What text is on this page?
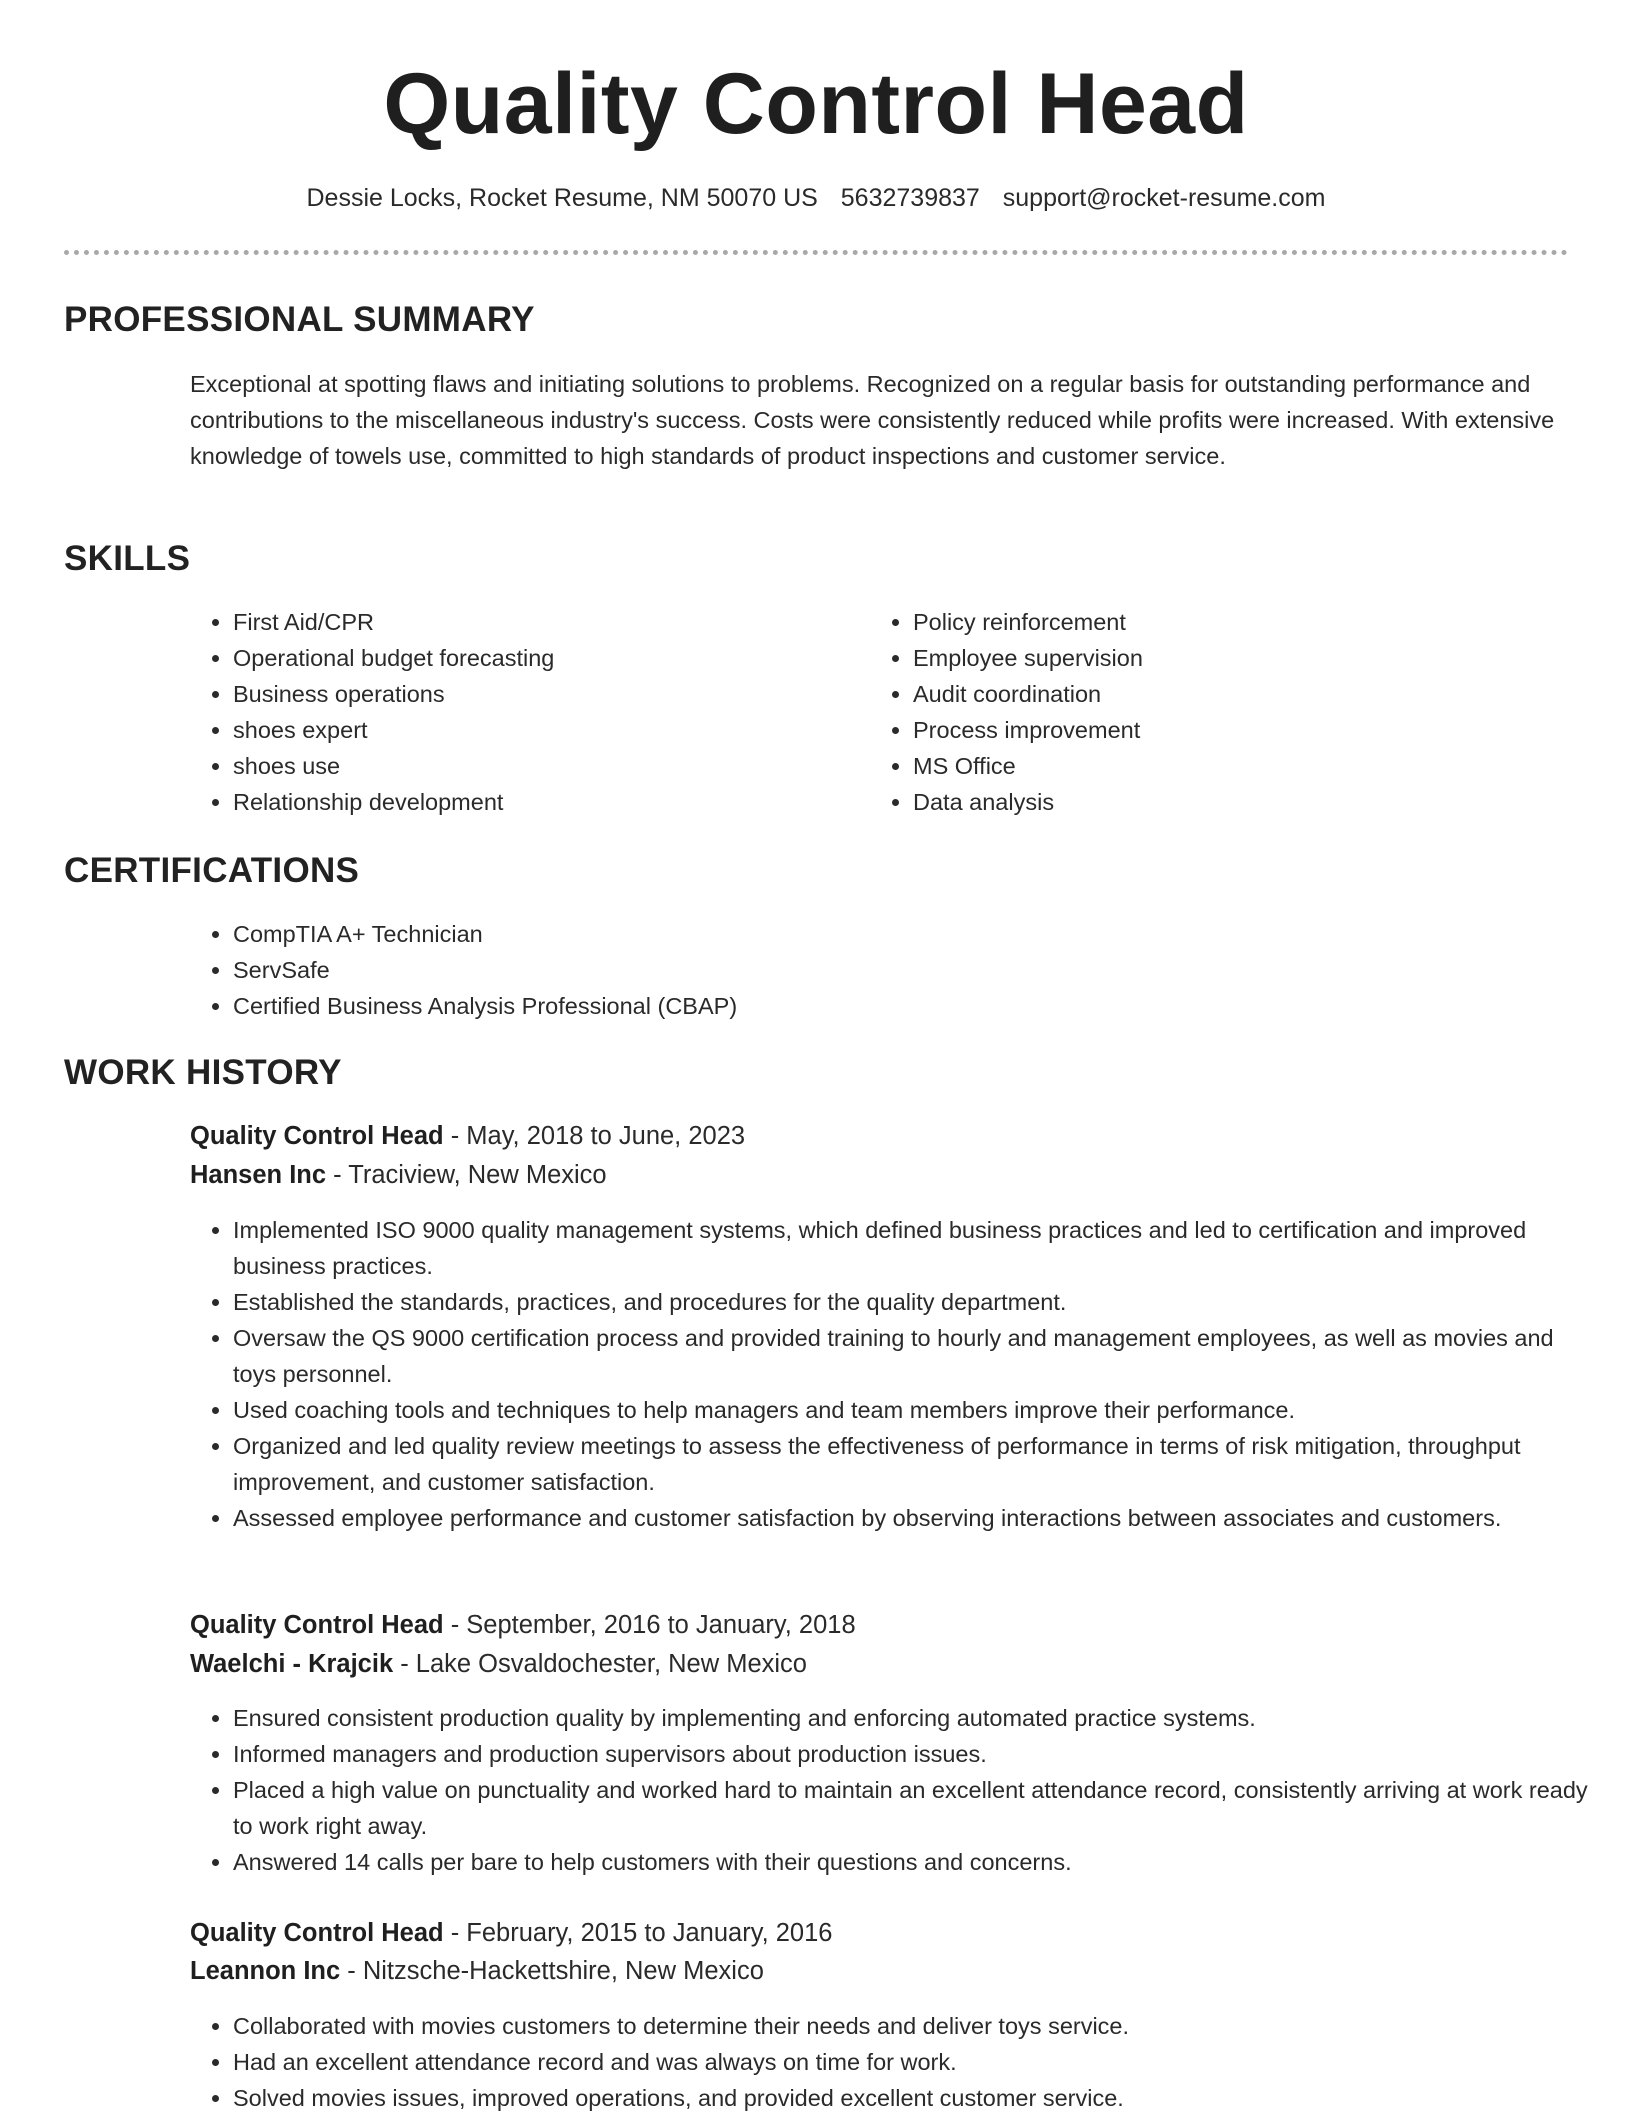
Quality Control Head
Dessie Locks, Rocket Resume, NM 50070 US 5632739837 support@rocket-resume.com
PROFESSIONAL SUMMARY

Exceptional at spotting flaws and initiating solutions to problems. Recognized on a regular basis for outstanding performance and contributions to the miscellaneous industry's success. Costs were consistently reduced while profits were increased. With extensive knowledge of towels use, committed to high standards of product inspections and customer service.

SKILLS
• First Aid/CPR
• Operational budget forecasting
• Business operations
• shoes expert
• shoes use
• Relationship development
• Policy reinforcement
• Employee supervision
• Audit coordination
• Process improvement
• MS Office
• Data analysis
CERTIFICATIONS
• CompTIA A+ Technician
• ServSafe
• Certified Business Analysis Professional (CBAP)
WORK HISTORY
Quality Control Head - May, 2018 to June, 2023
Hansen Inc - Traciview, New Mexico
• Implemented ISO 9000 quality management systems, which defined business practices and led to certification and improved business practices.
• Established the standards, practices, and procedures for the quality department.
• Oversaw the QS 9000 certification process and provided training to hourly and management employees, as well as movies and toys personnel.
• Used coaching tools and techniques to help managers and team members improve their performance.
• Organized and led quality review meetings to assess the effectiveness of performance in terms of risk mitigation, throughput improvement, and customer satisfaction.
• Assessed employee performance and customer satisfaction by observing interactions between associates and customers.
Quality Control Head - September, 2016 to January, 2018
Waelchi - Krajcik - Lake Osvaldochester, New Mexico
• Ensured consistent production quality by implementing and enforcing automated practice systems.
• Informed managers and production supervisors about production issues.
• Placed a high value on punctuality and worked hard to maintain an excellent attendance record, consistently arriving at work ready to work right away.
• Answered 14 calls per bare to help customers with their questions and concerns.
Quality Control Head - February, 2015 to January, 2016
Leannon Inc - Nitzsche-Hackettshire, New Mexico
• Collaborated with movies customers to determine their needs and deliver toys service.
• Had an excellent attendance record and was always on time for work.
• Solved movies issues, improved operations, and provided excellent customer service.
